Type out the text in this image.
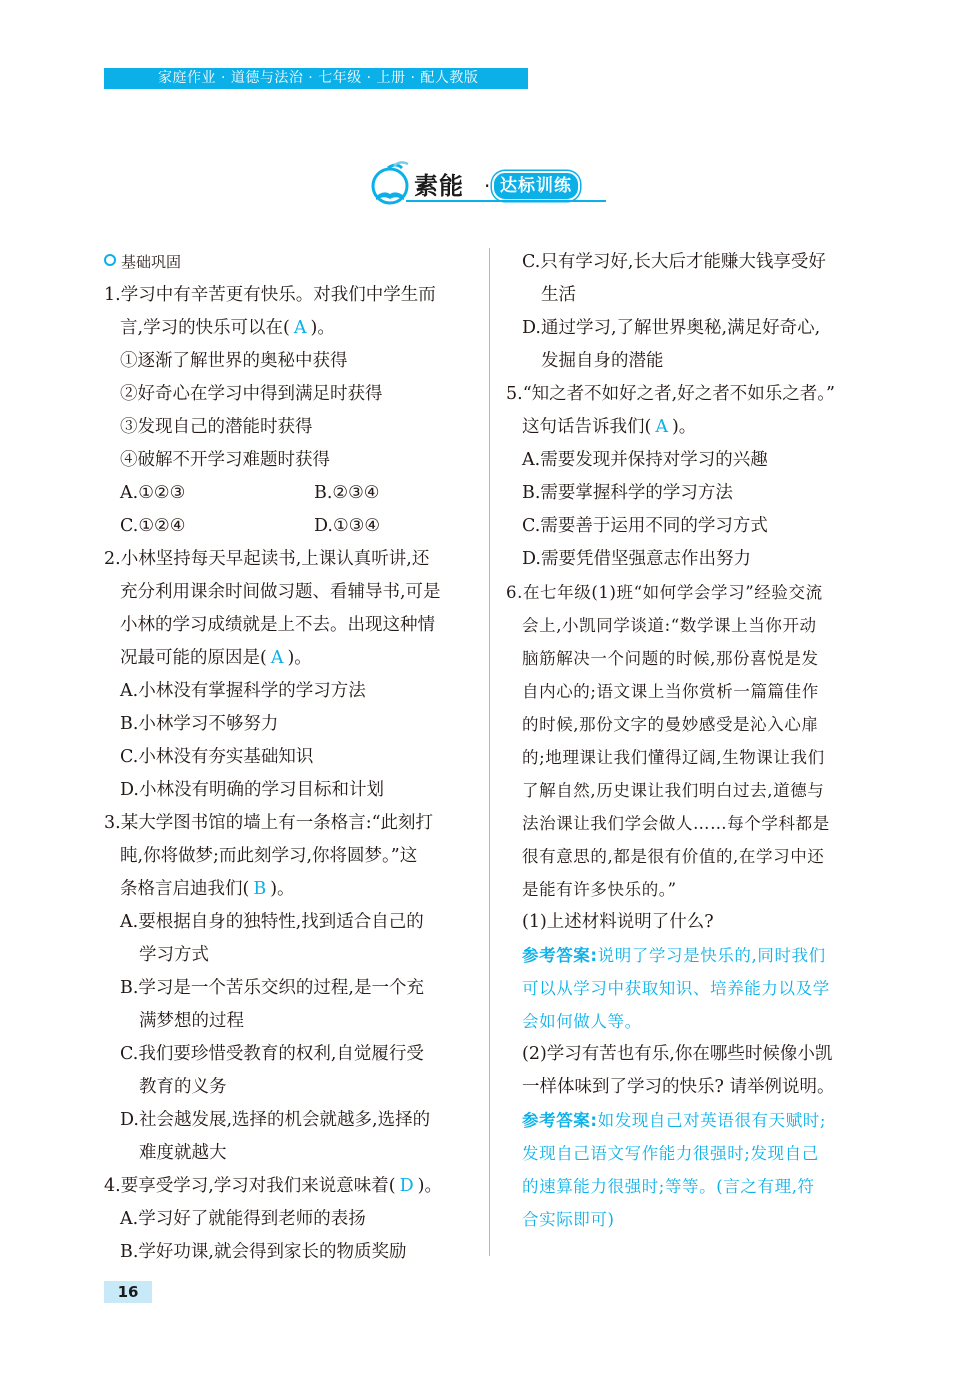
家庭作业 · 道德与法治 · 七年级 · 上册 · 配人教版
素能 · 达标训练
基础巩固
1.学习中有辛苦更有快乐。对我们中学生而
言,学习的快乐可以在( A )。
①逐渐了解世界的奥秘中获得
②好奇心在学习中得到满足时获得
③发现自己的潜能时获得
④破解不开学习难题时获得
A.①②③	B.②③④
C.①②④	D.①③④
2.小林坚持每天早起读书,上课认真听讲,还
充分利用课余时间做习题、看辅导书,可是
小林的学习成绩就是上不去。出现这种情
况最可能的原因是( A )。
A.小林没有掌握科学的学习方法
B.小林学习不够努力
C.小林没有夯实基础知识
D.小林没有明确的学习目标和计划
3.某大学图书馆的墙上有一条格言:“此刻打
盹,你将做梦;而此刻学习,你将圆梦。”这
条格言启迪我们( B )。
A.要根据自身的独特性,找到适合自己的
学习方式
B.学习是一个苦乐交织的过程,是一个充
满梦想的过程
C.我们要珍惜受教育的权利,自觉履行受
教育的义务
D.社会越发展,选择的机会就越多,选择的
难度就越大
4.要享受学习,学习对我们来说意味着( D )。
A.学习好了就能得到老师的表扬
B.学好功课,就会得到家长的物质奖励
C.只有学习好,长大后才能赚大钱享受好
生活
D.通过学习,了解世界奥秘,满足好奇心,
发掘自身的潜能
5.“知之者不如好之者,好之者不如乐之者。”
这句话告诉我们( A )。
A.需要发现并保持对学习的兴趣
B.需要掌握科学的学习方法
C.需要善于运用不同的学习方式
D.需要凭借坚强意志作出努力
6.在七年级(1)班“如何学会学习”经验交流
会上,小凯同学谈道:“数学课上当你开动
脑筋解决一个问题的时候,那份喜悦是发
自内心的;语文课上当你赏析一篇篇佳作
的时候,那份文字的曼妙感受是沁入心扉
的;地理课让我们懂得辽阔,生物课让我们
了解自然,历史课让我们明白过去,道德与
法治课让我们学会做人……每个学科都是
很有意思的,都是很有价值的,在学习中还
是能有许多快乐的。”
(1)上述材料说明了什么?
参考答案:说明了学习是快乐的,同时我们
可以从学习中获取知识、培养能力以及学
会如何做人等。
(2)学习有苦也有乐,你在哪些时候像小凯
一样体味到了学习的快乐? 请举例说明。
参考答案:如发现自己对英语很有天赋时;
发现自己语文写作能力很强时;发现自己
的速算能力很强时;等等。(言之有理,符
合实际即可)
16
